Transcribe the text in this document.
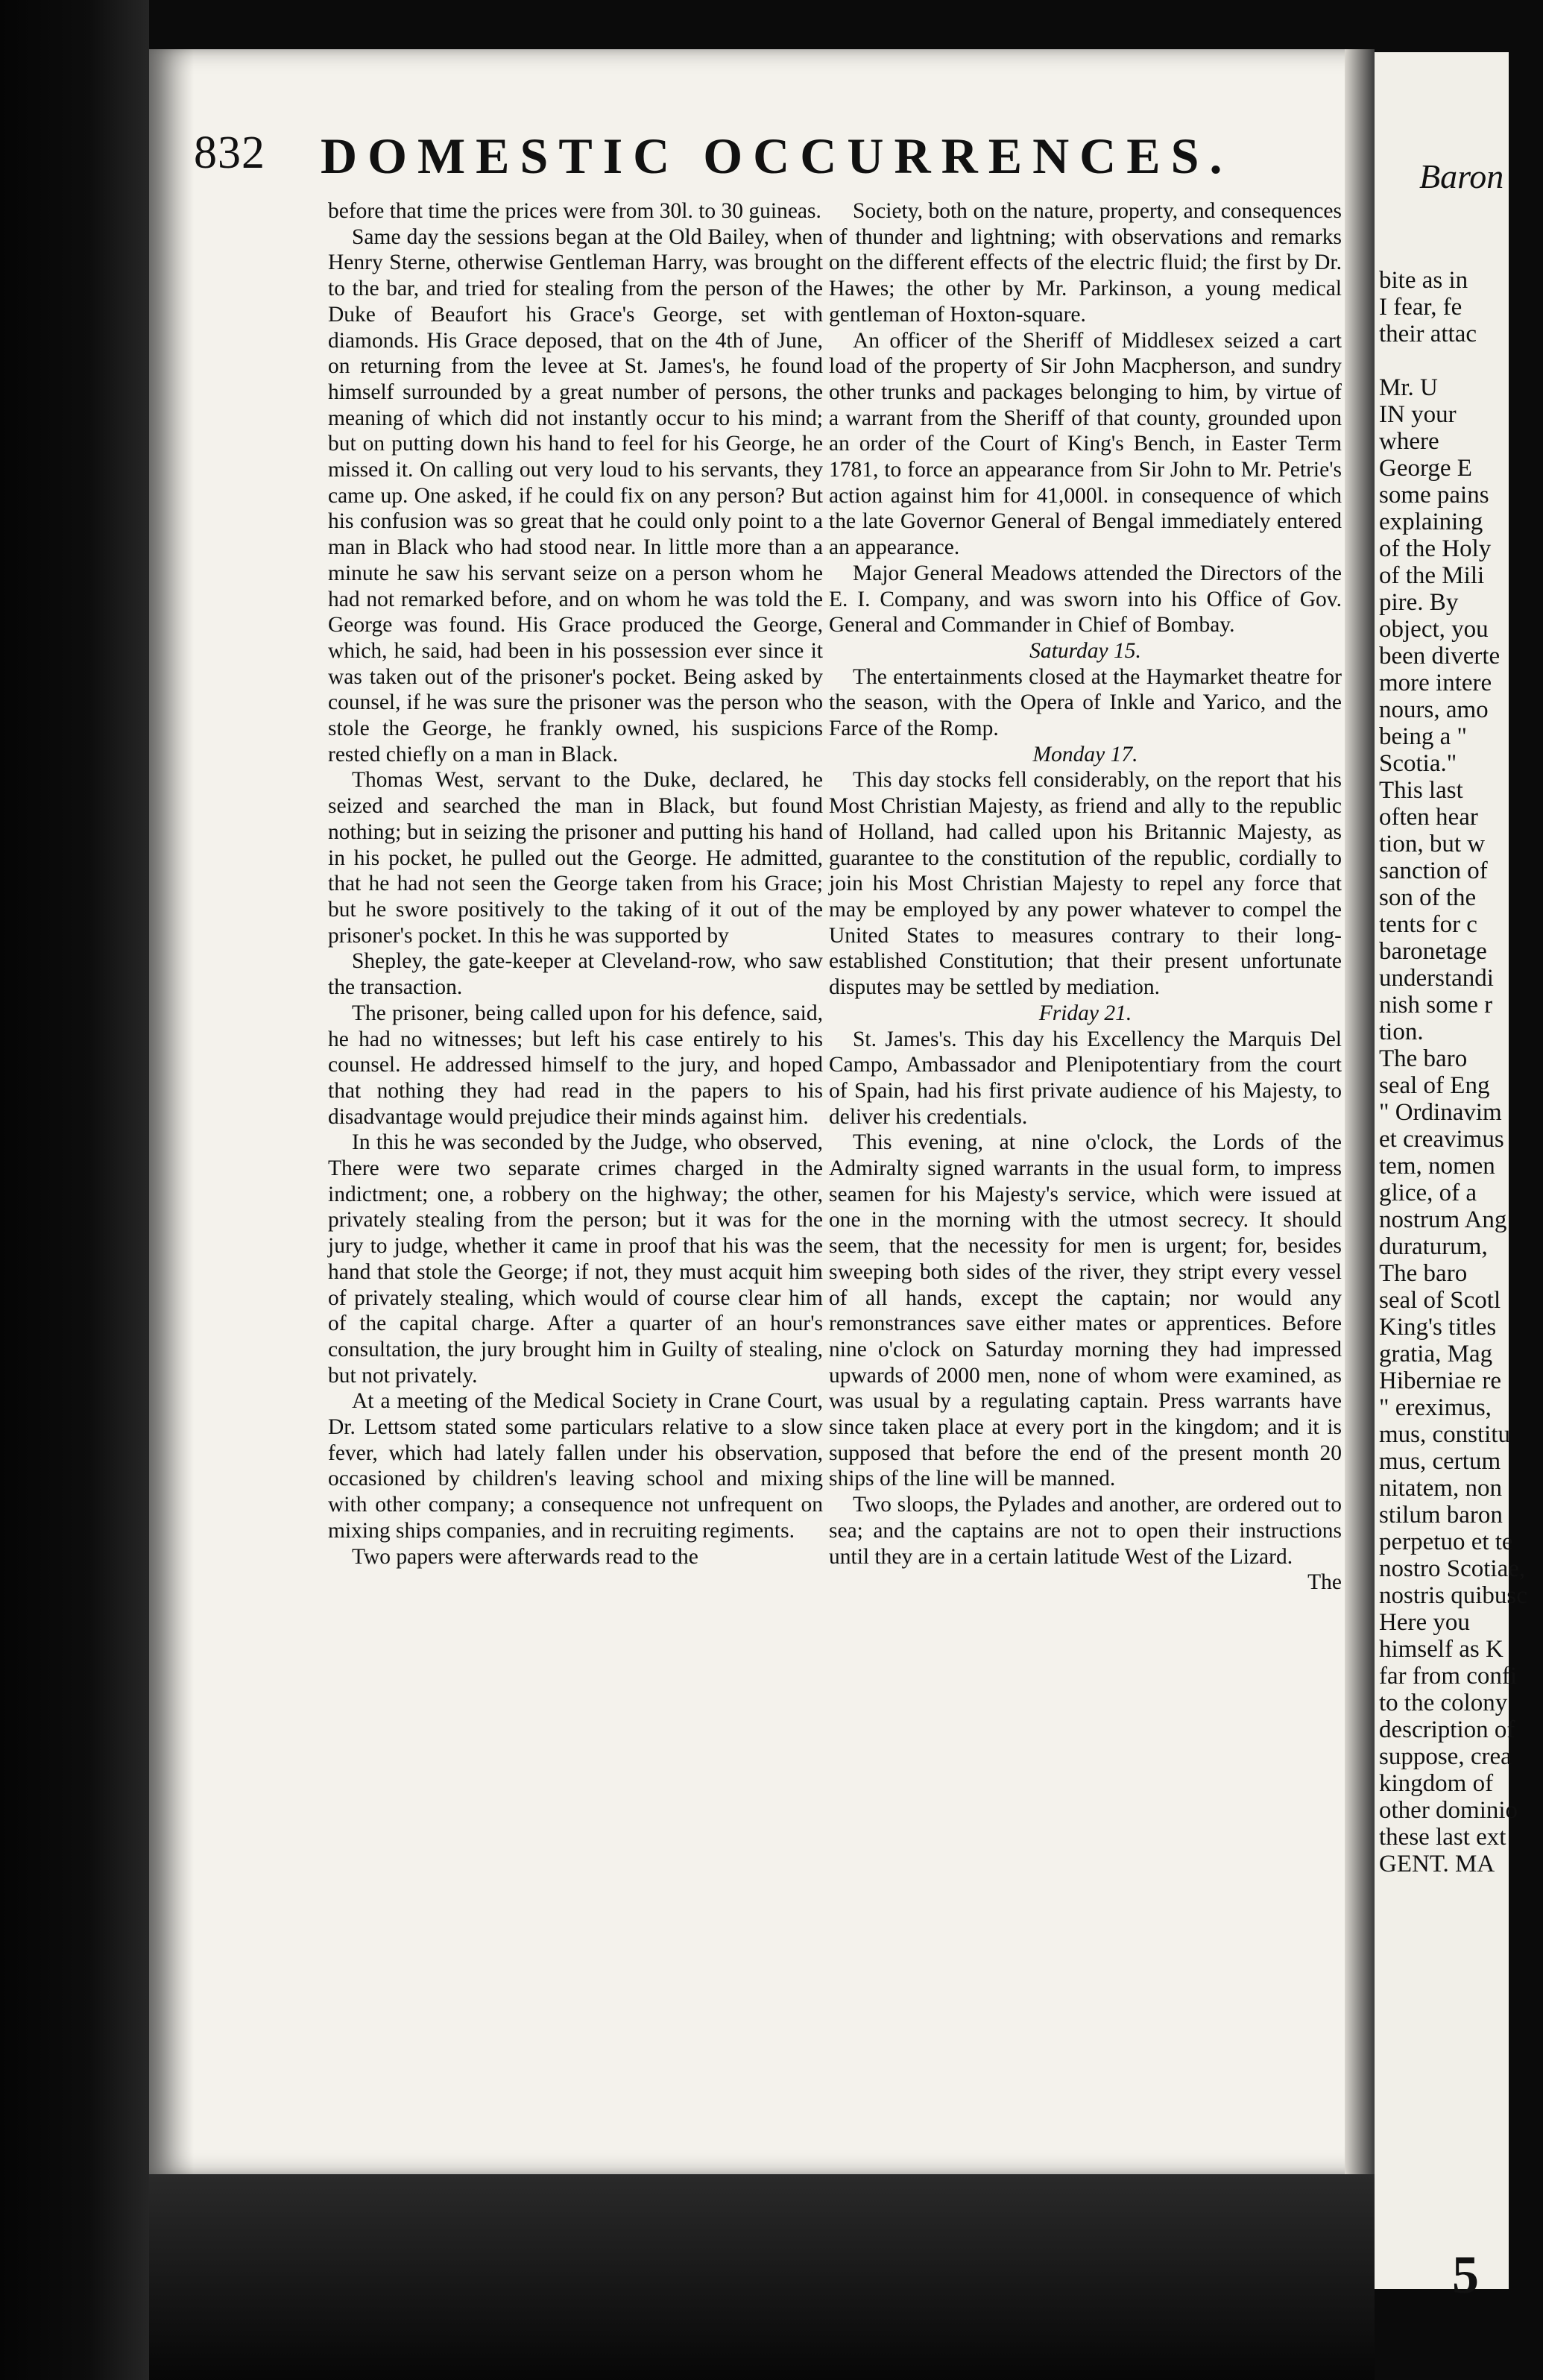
832 DOMESTIC OCCURRENCES.

before that time the prices were from 30l. to 30 guineas.

Same day the sessions began at the Old Bailey, when Henry Sterne, otherwise Gentleman Harry, was brought to the bar, and tried for stealing from the person of the Duke of Beaufort his Grace's George, set with diamonds. His Grace deposed, that on the 4th of June, on returning from the levee at St. James's, he found himself surrounded by a great number of persons, the meaning of which did not instantly occur to his mind; but on putting down his hand to feel for his George, he missed it. On calling out very loud to his servants, they came up. One asked, if he could fix on any person? But his confusion was so great that he could only point to a man in Black who had stood near. In little more than a minute he saw his servant seize on a person whom he had not remarked before, and on whom he was told the George was found. His Grace produced the George, which, he said, had been in his possession ever since it was taken out of the prisoner's pocket. Being asked by counsel, if he was sure the prisoner was the person who stole the George, he frankly owned, his suspicions rested chiefly on a man in Black.

Thomas West, servant to the Duke, declared, he seized and searched the man in Black, but found nothing; but in seizing the prisoner and putting his hand in his pocket, he pulled out the George. He admitted, that he had not seen the George taken from his Grace; but he swore positively to the taking of it out of the prisoner's pocket. In this he was supported by

Shepley, the gate-keeper at Cleveland-row, who saw the transaction.

The prisoner, being called upon for his defence, said, he had no witnesses; but left his case entirely to his counsel. He addressed himself to the jury, and hoped that nothing they had read in the papers to his disadvantage would prejudice their minds against him.

In this he was seconded by the Judge, who observed, There were two separate crimes charged in the indictment; one, a robbery on the highway; the other, privately stealing from the person; but it was for the jury to judge, whether it came in proof that his was the hand that stole the George; if not, they must acquit him of privately stealing, which would of course clear him of the capital charge. After a quarter of an hour's consultation, the jury brought him in Guilty of stealing, but not privately.

At a meeting of the Medical Society in Crane Court, Dr. Lettsom stated some particulars relative to a slow fever, which had lately fallen under his observation, occasioned by children's leaving school and mixing with other company; a consequence not unfrequent on mixing ships companies, and in recruiting regiments.

Two papers were afterwards read to the

Society, both on the nature, property, and consequences of thunder and lightning; with observations and remarks on the different effects of the electric fluid; the first by Dr. Hawes; the other by Mr. Parkinson, a young medical gentleman of Hoxton-square.

An officer of the Sheriff of Middlesex seized a cart load of the property of Sir John Macpherson, and sundry other trunks and packages belonging to him, by virtue of a warrant from the Sheriff of that county, grounded upon an order of the Court of King's Bench, in Easter Term 1781, to force an appearance from Sir John to Mr. Petrie's action against him for 41,000l. in consequence of which the late Governor General of Bengal immediately entered an appearance.

Major General Meadows attended the Directors of the E. I. Company, and was sworn into his Office of Gov. General and Commander in Chief of Bombay.

Saturday 15.

The entertainments closed at the Haymarket theatre for the season, with the Opera of Inkle and Yarico, and the Farce of the Romp.

Monday 17.

This day stocks fell considerably, on the report that his Most Christian Majesty, as friend and ally to the republic of Holland, had called upon his Britannic Majesty, as guarantee to the constitution of the republic, cordially to join his Most Christian Majesty to repel any force that may be employed by any power whatever to compel the United States to measures contrary to their long-established Constitution; that their present unfortunate disputes may be settled by mediation.

Friday 21.

St. James's. This day his Excellency the Marquis Del Campo, Ambassador and Plenipotentiary from the court of Spain, had his first private audience of his Majesty, to deliver his credentials.

This evening, at nine o'clock, the Lords of the Admiralty signed warrants in the usual form, to impress seamen for his Majesty's service, which were issued at one in the morning with the utmost secrecy. It should seem, that the necessity for men is urgent; for, besides sweeping both sides of the river, they stript every vessel of all hands, except the captain; nor would any remonstrances save either mates or apprentices. Before nine o'clock on Saturday morning they had impressed upwards of 2000 men, none of whom were examined, as was usual by a regulating captain. Press warrants have since taken place at every port in the kingdom; and it is supposed that before the end of the present month 20 ships of the line will be manned.

Two sloops, the Pylades and another, are ordered out to sea; and the captains are not to open their instructions until they are in a certain latitude West of the Lizard.

The

Baron

bite as in

I fear, fe

their attac

Mr. U

IN your

where

George E

some pains

explaining

of the Holy

of the Mili

pire. By

object, you

been diverte

more intere

nours, amo

being a "

Scotia."

This last

often hear

tion, but w

sanction of

son of the

tents for c

baronetage

understandi

nish some r

tion.

The baro

seal of Eng

" Ordinavim

et creavimus

tem, nomen

glice, of a

nostrum Ang

duraturum,

The baro

seal of Scotl

King's titles

gratia, Mag

Hiberniae re

" ereximus,

mus, constitu

mus, certum

nitatem, non

stilum baron

perpetuo et te

nostro Scotiae,

nostris quibusc

Here you

himself as K

far from confi

to the colony

description of

suppose, crea

kingdom of

other dominio

these last ext

GENT. MA

5
